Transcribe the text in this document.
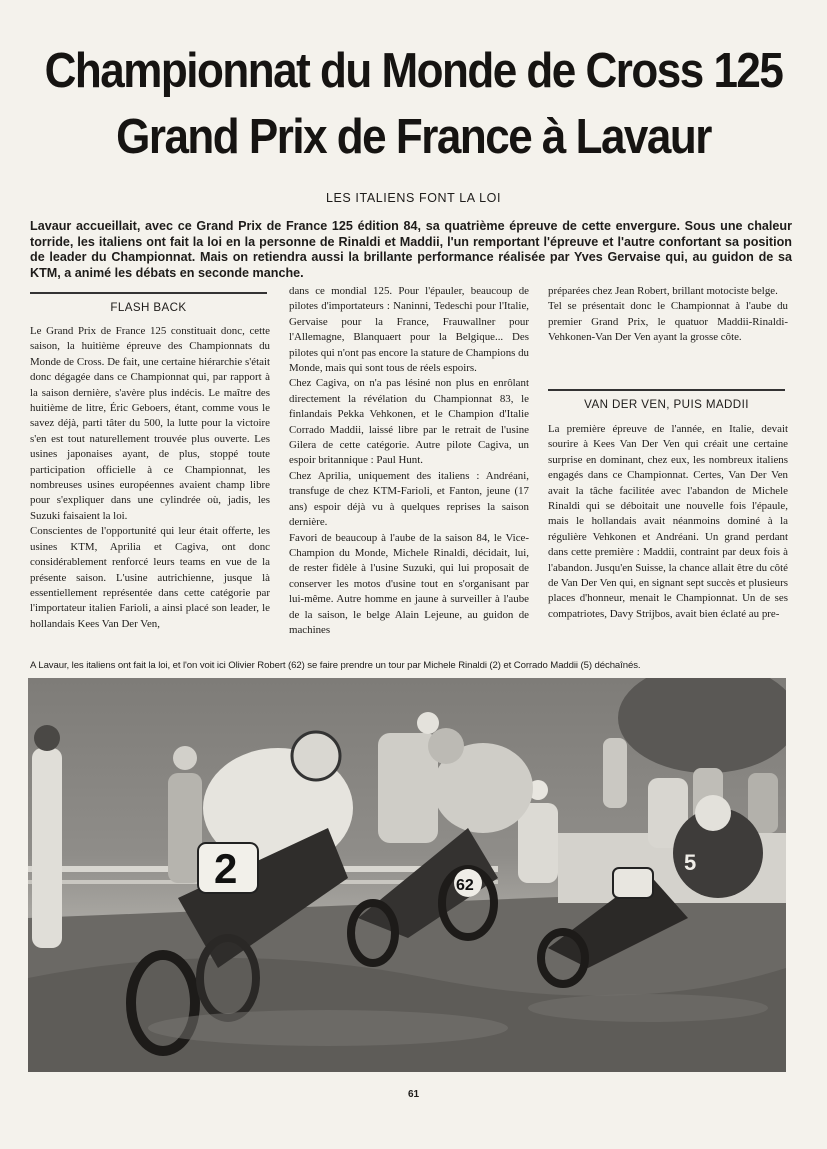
Championnat du Monde de Cross 125
Grand Prix de France à Lavaur
LES ITALIENS FONT LA LOI
Lavaur accueillait, avec ce Grand Prix de France 125 édition 84, sa quatrième épreuve de cette envergure. Sous une chaleur torride, les italiens ont fait la loi en la personne de Rinaldi et Maddii, l'un remportant l'épreuve et l'autre confortant sa position de leader du Championnat. Mais on retiendra aussi la brillante performance réalisée par Yves Gervaise qui, au guidon de sa KTM, a animé les débats en seconde manche.
FLASH BACK

Le Grand Prix de France 125 constituait donc, cette saison, la huitième épreuve des Championnats du Monde de Cross. De fait, une certaine hiérarchie s'était donc dégagée dans ce Championnat qui, par rapport à la saison dernière, s'avère plus indécis. Le maître des huitième de litre, Éric Geboers, étant, comme vous le savez déjà, parti tâter du 500, la lutte pour la victoire s'en est tout naturellement trouvée plus ouverte. Les usines japonaises ayant, de plus, stoppé toute participation officielle à ce Championnat, les nombreuses usines européennes avaient champ libre pour s'expliquer dans une cylindrée où, jadis, les Suzuki faisaient la loi.

Conscientes de l'opportunité qui leur était offerte, les usines KTM, Aprilia et Cagiva, ont donc considérablement renforcé leurs teams en vue de la présente saison. L'usine autrichienne, jusque là essentiellement représentée dans cette catégorie par l'importateur italien Farioli, a ainsi placé son leader, le hollandais Kees Van Der Ven,

dans ce mondial 125. Pour l'épauler, beaucoup de pilotes d'importateurs : Naninni, Tedeschi pour l'Italie, Gervaise pour la France, Frauwallner pour l'Allemagne, Blanquaert pour la Belgique... Des pilotes qui n'ont pas encore la stature de Champions du Monde, mais qui sont tous de réels espoirs.

Chez Cagiva, on n'a pas lésiné non plus en enrôlant directement la révélation du Championnat 83, le finlandais Pekka Vehkonen, et le Champion d'Italie Corrado Maddii, laissé libre par le retrait de l'usine Gilera de cette catégorie. Autre pilote Cagiva, un espoir britannique : Paul Hunt.

Chez Aprilia, uniquement des italiens : Andréani, transfuge de chez KTM-Farioli, et Fanton, jeune (17 ans) espoir déjà vu à quelques reprises la saison dernière.

Favori de beaucoup à l'aube de la saison 84, le Vice-Champion du Monde, Michele Rinaldi, décidait, lui, de rester fidèle à l'usine Suzuki, qui lui proposait de conserver les motos d'usine tout en s'organisant par lui-même. Autre homme en jaune à surveiller à l'aube de la saison, le belge Alain Lejeune, au guidon de machines

préparées chez Jean Robert, brillant motociste belge.

Tel se présentait donc le Championnat à l'aube du premier Grand Prix, le quatuor Maddii-Rinaldi-Vehkonen-Van Der Ven ayant la grosse côte.

VAN DER VEN, PUIS MADDII

La première épreuve de l'année, en Italie, devait sourire à Kees Van Der Ven qui créait une certaine surprise en dominant, chez eux, les nombreux italiens engagés dans ce Championnat. Certes, Van Der Ven avait la tâche facilitée avec l'abandon de Michele Rinaldi qui se déboitait une nouvelle fois l'épaule, mais le hollandais avait néanmoins dominé à la régulière Vehkonen et Andréani. Un grand perdant dans cette première : Maddii, contraint par deux fois à l'abandon. Jusqu'en Suisse, la chance allait être du côté de Van Der Ven qui, en signant sept succès et plusieurs places d'honneur, menait le Championnat. Un de ses compatriotes, Davy Strijbos, avait bien éclaté au pre-

A Lavaur, les italiens ont fait la loi, et l'on voit ici Olivier Robert (62) se faire prendre un tour par Michele Rinaldi (2) et Corrado Maddii (5) déchaînés.
2	62
5
61
